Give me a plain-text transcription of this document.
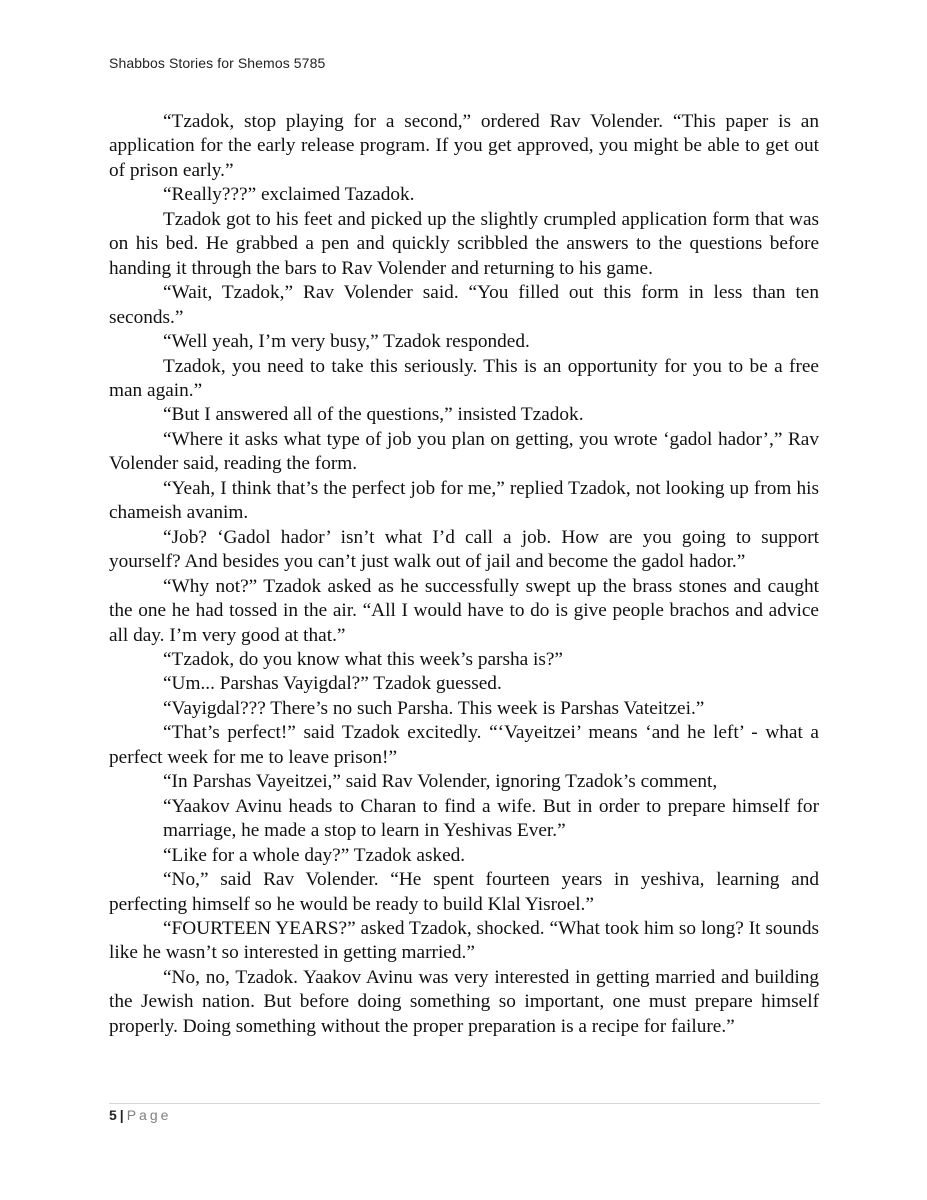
Shabbos Stories for Shemos 5785

“Tzadok, stop playing for a second,” ordered Rav Volender. “This paper is an application for the early release program. If you get approved, you might be able to get out of prison early.”

“Really???” exclaimed Tazadok.

Tzadok got to his feet and picked up the slightly crumpled application form that was on his bed. He grabbed a pen and quickly scribbled the answers to the questions before handing it through the bars to Rav Volender and returning to his game.

“Wait, Tzadok,” Rav Volender said. “You filled out this form in less than ten seconds.”

“Well yeah, I’m very busy,” Tzadok responded.

Tzadok, you need to take this seriously. This is an opportunity for you to be a free man again.”

“But I answered all of the questions,” insisted Tzadok.

“Where it asks what type of job you plan on getting, you wrote ‘gadol hador’,” Rav Volender said, reading the form.

“Yeah, I think that’s the perfect job for me,” replied Tzadok, not looking up from his chameish avanim.

“Job? ‘Gadol hador’ isn’t what I’d call a job. How are you going to support yourself? And besides you can’t just walk out of jail and become the gadol hador.”

“Why not?” Tzadok asked as he successfully swept up the brass stones and caught the one he had tossed in the air. “All I would have to do is give people brachos and advice all day. I’m very good at that.”

“Tzadok, do you know what this week’s parsha is?”

“Um... Parshas Vayigdal?” Tzadok guessed.

“Vayigdal??? There’s no such Parsha. This week is Parshas Vateitzei.”

“That’s perfect!” said Tzadok excitedly. “‘Vayeitzei’ means ‘and he left’ - what a perfect week for me to leave prison!”

“In Parshas Vayeitzei,” said Rav Volender, ignoring Tzadok’s comment,

“Yaakov Avinu heads to Charan to find a wife. But in order to prepare himself for marriage, he made a stop to learn in Yeshivas Ever.”

“Like for a whole day?” Tzadok asked.

“No,” said Rav Volender. “He spent fourteen years in yeshiva, learning and perfecting himself so he would be ready to build Klal Yisroel.”

“FOURTEEN YEARS?” asked Tzadok, shocked. “What took him so long? It sounds like he wasn’t so interested in getting married.”

“No, no, Tzadok. Yaakov Avinu was very interested in getting married and building the Jewish nation. But before doing something so important, one must prepare himself properly. Doing something without the proper preparation is a recipe for failure.”

5 | Page
